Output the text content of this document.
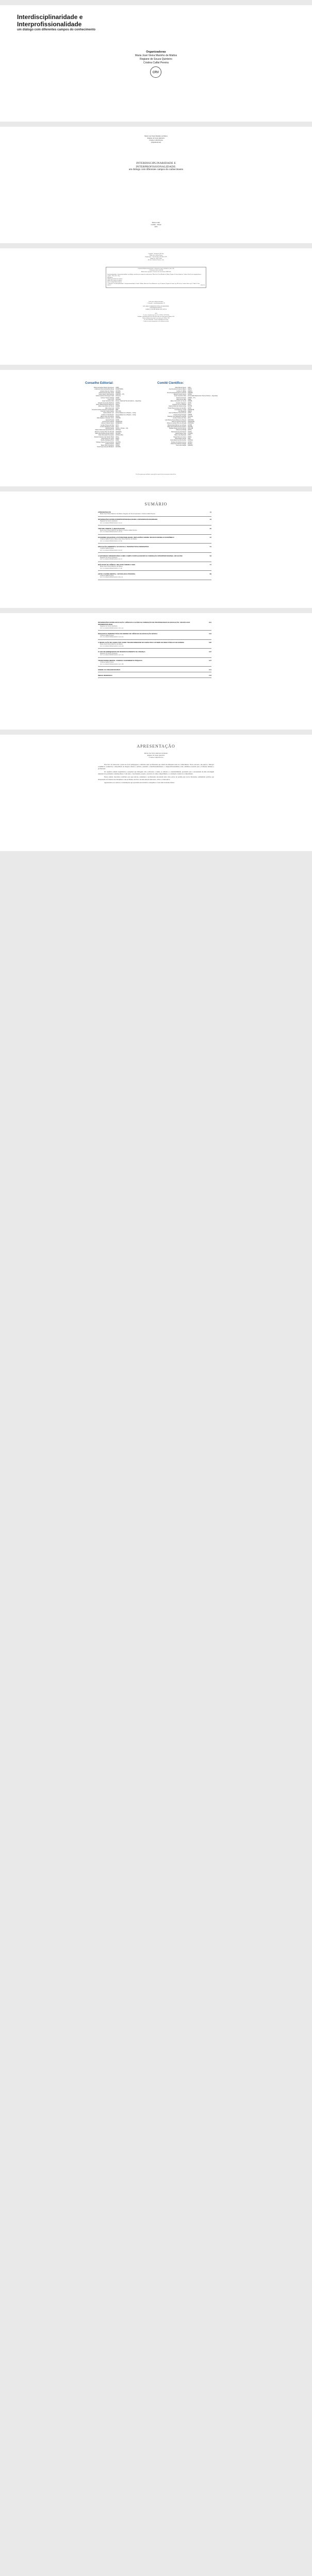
Interdisciplinaridade e
Interprofissionalidade
um diálogo com diferentes campos do conhecimento
Organizadoras
Maria José Vieira Marinho de Mattos
Regiane de Souza Quinteiro
Cristina Calfat Pereira
CRV
Maria José Vieira Marinho de Mattos
Regiane de Souza Quinteiro
Cristina Calfat Pereira
(Organizadoras)
INTERDISCIPLINARIDADE E INTERPROFISSIONALIDADE:
um diálogo com diferentes campos do conhecimento
Editora CRV
Curitiba – Brasil
2023
Copyright © da Editora CRV Ltda.
Editor-chefe: Railson Moura
Diagramação e Capa: Designers da Editora CRV
Imagem de Capa: Freepik
Revisão: Analista de Escrita e Artes
DADOS INTERNACIONAIS DE CATALOGAÇÃO NA PUBLICAÇÃO (CIP)
CATALOGAÇÃO NA FONTE
Bibliotecária responsável: Luzenira Alves dos Santos CRB9/1506
Interdisciplinaridade e interprofissionalidade: um diálogo com diferentes campos do conhecimento / Maria José Vieira Marinho de Mattos, Regiane de Souza Quinteiro, Cristina Calfat Pereira (organizadoras) – Curitiba : CRV, 2023. 176 p.
Bibliografia
ISBN Digital 978-65-251-0000-0
ISBN Físico 978-65-251-0000-0
DOI 10.24824/978652510000.0
1. Educação 2. Interdisciplinaridade 3. Interprofissionalidade 4. Saúde I. Mattos, Maria José Vieira Marinho de. org. II. Quinteiro, Regiane de Souza. org. III. Pereira, Cristina Calfat. org. IV. Título V. Série.
CDU 37	CDD 370
Índice para catálogo sistemático
1. Educação – interdisciplinaridade 370
ESTA OBRA TAMBÉM ENCONTRA-SE DISPONÍVEL
EM FORMATO DIGITAL.
CONHEÇA E BAIXE NOSSO APLICATIVO!
2023
Foi feito o depósito legal conf. Lei 10.994 de 14/12/2004
Proibida a reprodução parcial ou total desta obra sem autorização da Editora CRV
Todos os direitos desta edição reservados pela: Editora CRV
Tel.: (41) 3039-6418 – E-mail: sac@editoracrv.com.br
Conheça os nossos lançamentos: www.editoracrv.com.br
Conselho Editorial:
Aldira Guimarães Duarte Domínguez (UNB)
Andréia da Silva Quintanilha Sousa (UNIR/UFRN)
Anselmo Alencar Colares (UFOPA)
Antônio Pereira Gaio Júnior (UFRRJ)
Carlos Alberto Vilar Estêvão (UMINHO – PT)
Carlos Federico Dominguez Avila (Unieuro)
Carmen Tereza Velanga (UNIR)
Celso Conti (UFSCar)
Cesar Gerónimo Tello (Univer. Nacional Três de Febrero – Argentina)
Eduardo Fernandes Barbosa (UFMG)
Elione Maria Nogueira Diogenes (UFAL)
Elizeu Clementino de Souza (UNEB)
Élsio José Corá (UFFS)
Fernando Antônio Gonçalves Alcoforado (IPB)
Francisco Carlos Duarte (PUC-PR)
Gloria Fariñas León (Universidade de La Havana – Cuba)
Guillermo Arias Beatón (Universidade de La Havana – Cuba)
Jailson Alves dos Santos (UFRJ)
João Adalberto Campato Junior (UNESP)
Josania Portela (UFPI)
Leonel Severo Rocha (UNISINOS)
Lídia de Oliveira Xavier (UNIEURO)
Lourdes Helena da Silva (UFV)
Luciano Rodrigues Costa (UFV)
Marcelo Paixão (UFRJ e UTexas – US)
Maria Cristina dos Santos Bezerra (UFSCar)
Maria de Lourdes Pinto de Almeida (UNOESC)
Maria Lília Imbiriba Sousa Colares (UFOPA)
Paulo Romualdo Hernandes (UNIFAL-MG)
Renato Francisco dos Santos Paula (UFG)
Sérgio Nunes de Jesus (IFRO)
Simone Rodrigues Pinto (UNB)
Solange Helena Ximenes-Rocha (UFOPA)
Sydione Santos (UEPG)
Tadeu Oliver Gonçalves (UFPA)
Tania Suely Azevedo Brasileiro (UFOPA)
Comitê Científico:
Altair Alberto Fávero (UPF)
Ana Chrystina Venancio Mignot (UERJ)
Andréia N. Militão (UEMS)
Anna Augusta Sampaio de Oliveira (UNESP)
Barbara Coelho Neves (UFBA)
Cesar Gerónimo Tello (Universidad Nacional de Três de Febrero – Argentina)
Diosnel Centurion (UNIDA – PY)
Eliane Rose Maio (UEM)
Elizeu Clementino de Souza (UNEB)
Fauston Negreiros (UFPI)
Francisco Ari de Andrade (UFC)
Gláucia Maria dos Santos Jorge (UFOP)
Helder Buenos Aires de Carvalho (UFPI)
Ilma Passos A. Veiga (UNICEUB)
Inês Bragança (UERJ)
José de Ribamar Sousa Pereira (UCB)
Jussara Fraga Portugal (UNEB)
Kilwangy Kya Kapitango-a-Samba (Unemat)
Lourdes Helena da Silva (UFV)
Lucia Marisy Souza Ribeiro de Oliveira (UNIVASF)
Marcos Vinicius Francisco (UNOESTE)
Maria de Lourdes Pinto de Almeida (UNOESC)
Maria Eurácia Barreto de Andrade (UFRB)
Maria Lília Imbiriba Sousa Colares (UFOPA)
Míghian Danae Ferreira Nunes (UNILAB)
Mohammed Elhajji (UFRJ)
Mônica Pereira dos Santos (UFRJ)
Najela Tavares Ujiie (UTFPR)
Nilson José Machado (USP)
Sérgio Nunes de Jesus (IFRO)
Silvia Regina Canan (URI)
Sonia Maria Ferreira Koehler (UNISAL)
Suzana dos Santos Gomes (UFMG)
Vânia Alves Martins Chaigar (FURG)
Vera Lucia Gaspar (UDESC)
Este livro passou por avaliação e aprovação às cegas de dois ou mais pareceristas ad hoc.
SUMÁRIO
APRESENTAÇÃO	11
Maria José Vieira Marinho de Mattos; Regiane de Souza Quinteiro; Cristina Calfat Pereira
INTERSEÇÕES ENTRE INTERPROFISSIONALIDADE E INTERDISCIPLINARIDADE	13
Regiane de Souza Quinteiro
DOI: 10.24824/978652510000.0.13-24
VIRTUDE FRENTE À (IN)CIVILIDADE	25
Maria José Vieira Marinho de Mattos; Cristina Calfat Pereira
DOI: 10.24824/978652510000.0.25-36
ECONOMIA SOLIDÁRIA E SUSTENTABILIDADE: REFLEXÕES SOBRE UM NOVO MODELO ECONÔMICO	37
Cristina Calfat Pereira; Maria José Vieira Marinho de Mattos
DOI: 10.24824/978652510000.0.37-50
EDUCAÇÃO AMBIENTAL NA ESCOLA: PERSPECTIVAS DIFERENTES	51
Cristina Calfat Pereira
DOI: 10.24824/978652510000.0.51-62
A EXTENSÃO UNIVERSITÁRIA COMO CAMPO FORTALECEDOR DA FORMAÇÃO INTERPROFISSIONAL EM SAÚDE	63
Regiane de Souza Quinteiro
DOI: 10.24824/978652510000.0.63-76
DIÁLOGOS DA CIÊNCIA: RELATOS SOBRE O SER	77
Maria José Vieira Marinho de Mattos
DOI: 10.24824/978652510000.0.77-88
ARTE E SAÚDE MENTAL: UM DIÁLOGO POSSÍVEL	89
Cristina Calfat Pereira
DOI: 10.24824/978652510000.0.89-100
INTERSEÇÕES ENTRE EDUCAÇÃO, CIÊNCIAS E SAÚDE NA FORMAÇÃO DE PROFISSIONAIS DA EDUCAÇÃO: UM DIÁLOGO INTERDISCIPLINAR
101
Regiane de Souza Quinteiro
DOI: 10.24824/978652510000.0.101-112
DESAFIOS E PERSPECTIVAS DO ENSINO DE CIÊNCIAS NA EDUCAÇÃO BÁSICA	113
Cristina Calfat Pereira
DOI: 10.24824/978652510000.0.113-124
A RESOLUÇÃO DE CONFLITOS COMO TRANSFORMADOR DO ESPECTRO AUTISMO NO MEIO PÚBLICO DE ENSINO	125
Maria José Vieira Marinho de Mattos
DOI: 10.24824/978652510000.0.125-136
O USO DE BRINQUEDOS NO DESENVOLVIMENTO DA CRIANÇA	137
Regiane de Souza Quinteiro
DOI: 10.24824/978652510000.0.137-146
TRANSTORNO MENTAL COMUM E SOFRIMENTO PSÍQUICO	147
Cristina Calfat Pereira
DOI: 10.24824/978652510000.0.147-156
SOBRE AS ORGANIZADORAS	171
ÍNDICE REMISSIVO	173
APRESENTAÇÃO
Maria José Vieira Marinho de Mattos
Regiane de Souza Quinteiro
Cristina Calfat Pereira

Este livro foi elaborado a partir de trocas pedagógicas e reflexões entre profissionais que atuam em diferentes áreas do conhecimento. Nosso encontro, em grupos e diálogos acadêmicos, evidenciou a importância de integrar saberes e práticas, pensando a interdisciplinaridade e a interprofissionalidade como caminhos possíveis para a formação humana e profissional.

Os capítulos reúnem experiências e pesquisas que dialogam com a educação, a saúde, as ciências e a sustentabilidade, apontando para a necessidade de uma abordagem ampliada dos problemas contemporâneos. Cada texto, à sua maneira, propõe o exercício do olhar compartilhado e a construção coletiva do conhecimento.

Nesse sentido, buscamos contribuir para que leitores, estudantes e profissionais encontrem nesta obra pontos de partida para novas discussões, estimulando práticas que ultrapassem as fronteiras das disciplinas e das profissões, em favor de uma atuação mais ética, crítica e colaborativa.

Agradecemos aos autores e às instituições que apoiaram esta iniciativa e desejamos a todos uma excelente leitura.
